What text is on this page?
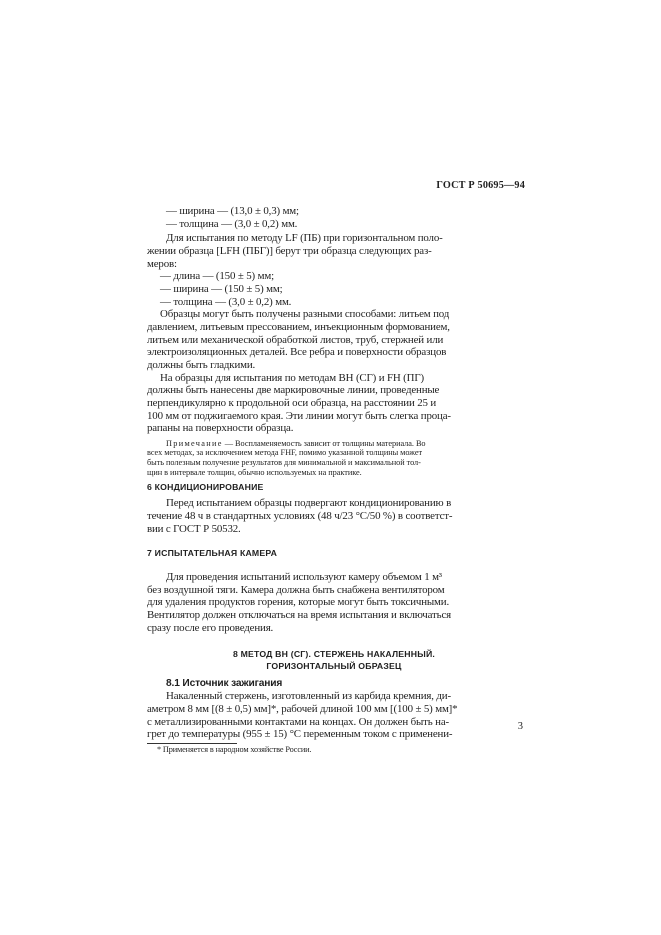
ГОСТ Р 50695—94

— ширина — (13,0 ± 0,3) мм;
— толщина — (3,0 ± 0,2) мм.

Для испытания по методу LF (ПБ) при горизонтальном поло-
жении образца [LFH (ПБГ)] берут три образца следующих раз-
меров:

— длина — (150 ± 5) мм;
— ширина — (150 ± 5) мм;
— толщина — (3,0 ± 0,2) мм.

Образцы могут быть получены разными способами: литьем под
давлением, литьевым прессованием, инъекционным формованием,
литьем или механической обработкой листов, труб, стержней или
электроизоляционных деталей. Все ребра и поверхности образцов
должны быть гладкими.

На образцы для испытания по методам ВН (СГ) и FH (ПГ)
должны быть нанесены две маркировочные линии, проведенные
перпендикулярно к продольной оси образца, на расстоянии 25 и
100 мм от поджигаемого края. Эти линии могут быть слегка процa-
рапаны на поверхности образца.

Примечание — Воспламеняемость зависит от толщины материала. Во
всех методах, за исключением метода FHF, помимо указанной толщины может
быть полезным получение результатов для минимальной и максимальной тол-
щин в интервале толщин, обычно используемых на практике.

6 КОНДИЦИОНИРОВАНИЕ

Перед испытанием образцы подвергают кондиционированию в
течение 48 ч в стандартных условиях (48 ч/23 °С/50 %) в соответст-
вии с ГОСТ Р 50532.

7 ИСПЫТАТЕЛЬНАЯ КАМЕРА

Для проведения испытаний используют камеру объемом 1 м³
без воздушной тяги. Камера должна быть снабжена вентилятором
для удаления продуктов горения, которые могут быть токсичными.
Вентилятор должен отключаться на время испытания и включаться
сразу после его проведения.

8 МЕТОД ВН (СГ). СТЕРЖЕНЬ НАКАЛЕННЫЙ.
ГОРИЗОНТАЛЬНЫЙ ОБРАЗЕЦ

8.1 Источник зажигания

Накаленный стержень, изготовленный из карбида кремния, ди-
аметром 8 мм [(8 ± 0,5) мм]*, рабочей длиной 100 мм [(100 ± 5) мм]*
с металлизированными контактами на концах. Он должен быть на-
грет до температуры (955 ± 15) °С переменным током с применени-

* Применяется в народном хозяйстве России.

3
